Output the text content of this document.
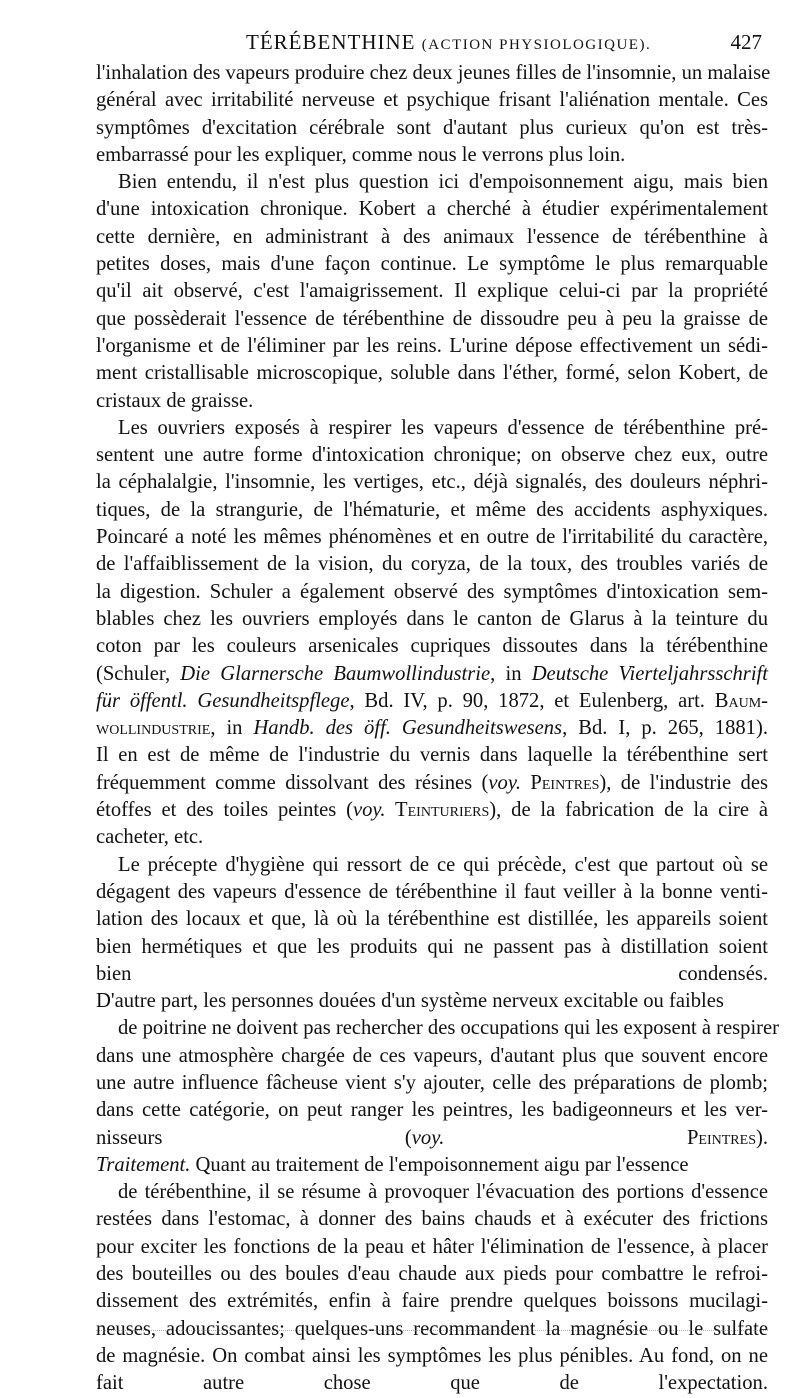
TÉRÉBENTHINE (ACTION PHYSIOLOGIQUE).	427
l'inhalation des vapeurs produire chez deux jeunes filles de l'insomnie, un malaise
général avec irritabilité nerveuse et psychique frisant l'aliénation mentale. Ces
symptômes d'excitation cérébrale sont d'autant plus curieux qu'on est très-
embarrassé pour les expliquer, comme nous le verrons plus loin.
Bien entendu, il n'est plus question ici d'empoisonnement aigu, mais bien
d'une intoxication chronique. Kobert a cherché à étudier expérimentalement
cette dernière, en administrant à des animaux l'essence de térébenthine à
petites doses, mais d'une façon continue. Le symptôme le plus remarquable
qu'il ait observé, c'est l'amaigrissement. Il explique celui-ci par la propriété
que possèderait l'essence de térébenthine de dissoudre peu à peu la graisse de
l'organisme et de l'éliminer par les reins. L'urine dépose effectivement un sédi-
ment cristallisable microscopique, soluble dans l'éther, formé, selon Kobert, de
cristaux de graisse.
Les ouvriers exposés à respirer les vapeurs d'essence de térébenthine pré-
sentent une autre forme d'intoxication chronique; on observe chez eux, outre
la céphalalgie, l'insomnie, les vertiges, etc., déjà signalés, des douleurs néphri-
tiques, de la strangurie, de l'hématurie, et même des accidents asphyxiques.
Poincaré a noté les mêmes phénomènes et en outre de l'irritabilité du caractère,
de l'affaiblissement de la vision, du coryza, de la toux, des troubles variés de
la digestion. Schuler a également observé des symptômes d'intoxication sem-
blables chez les ouvriers employés dans le canton de Glarus à la teinture du
coton par les couleurs arsenicales cupriques dissoutes dans la térébenthine
(Schuler, Die Glarnersche Baumwollindustrie, in Deutsche Vierteljahrsschrift
für öffentl. Gesundheitspflege, Bd. IV, p. 90, 1872, et Eulenberg, art. Baum-
wollindustrie, in Handb. des öff. Gesundheitswesens, Bd. I, p. 265, 1881).
Il en est de même de l'industrie du vernis dans laquelle la térébenthine sert
fréquemment comme dissolvant des résines (voy. Peintres), de l'industrie des
étoffes et des toiles peintes (voy. Teinturiers), de la fabrication de la cire à
cacheter, etc.
Le précepte d'hygiène qui ressort de ce qui précède, c'est que partout où se
dégagent des vapeurs d'essence de térébenthine il faut veiller à la bonne venti-
lation des locaux et que, là où la térébenthine est distillée, les appareils soient
bien hermétiques et que les produits qui ne passent pas à distillation soient
bien condensés.
D'autre part, les personnes douées d'un système nerveux excitable ou faibles
de poitrine ne doivent pas rechercher des occupations qui les exposent à respirer
dans une atmosphère chargée de ces vapeurs, d'autant plus que souvent encore
une autre influence fâcheuse vient s'y ajouter, celle des préparations de plomb;
dans cette catégorie, on peut ranger les peintres, les badigeonneurs et les ver-
nisseurs (voy. Peintres).
Traitement. Quant au traitement de l'empoisonnement aigu par l'essence
de térébenthine, il se résume à provoquer l'évacuation des portions d'essence
restées dans l'estomac, à donner des bains chauds et à exécuter des frictions
pour exciter les fonctions de la peau et hâter l'élimination de l'essence, à placer
des bouteilles ou des boules d'eau chaude aux pieds pour combattre le refroi-
dissement des extrémités, enfin à faire prendre quelques boissons mucilagi-
neuses, adoucissantes; quelques-uns recommandent la magnésie ou le sulfate
de magnésie. On combat ainsi les symptômes les plus pénibles. Au fond, on ne
fait autre chose que de l'expectation.
